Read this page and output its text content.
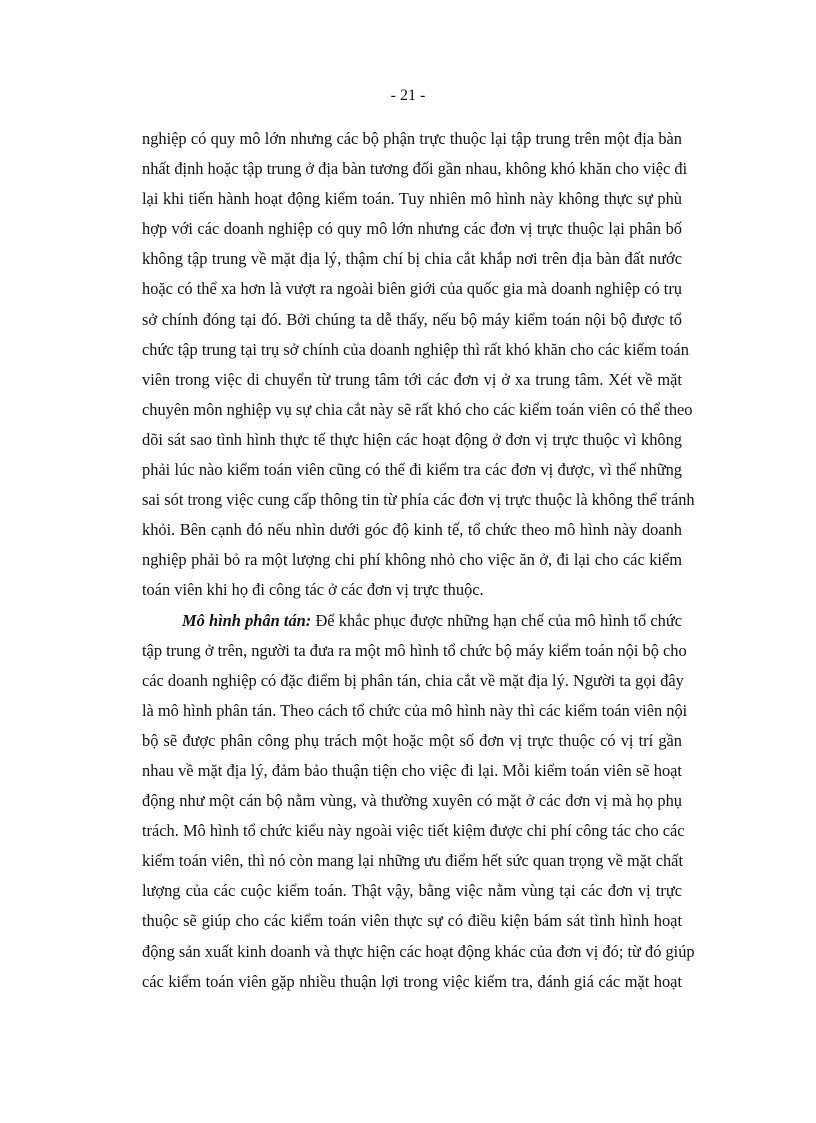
- 21 -
nghiệp có quy mô lớn nhưng các bộ phận trực thuộc lại tập trung trên một địa bàn
nhất định hoặc tập trung ở địa bàn tương đối gần nhau, không khó khăn cho việc đi
lại khi tiến hành hoạt động kiểm toán. Tuy nhiên mô hình này không thực sự phù
hợp với các doanh nghiệp có quy mô lớn nhưng các đơn vị trực thuộc lại phân bố
không tập trung về mặt địa lý, thậm chí bị chia cắt khắp nơi trên địa bàn đất nước
hoặc có thể xa hơn là vượt ra ngoài biên giới của quốc gia mà doanh nghiệp có trụ
sở chính đóng tại đó. Bởi chúng ta dễ thấy, nếu bộ máy kiểm toán nội bộ được tổ
chức tập trung tại trụ sở chính của doanh nghiệp thì rất khó khăn cho các kiểm toán
viên trong việc di chuyển từ trung tâm tới các đơn vị ở xa trung tâm. Xét về mặt
chuyên môn nghiệp vụ sự chia cắt này sẽ rất khó cho các kiểm toán viên có thể theo
dõi sát sao tình hình thực tế thực hiện các hoạt động ở đơn vị trực thuộc vì không
phải lúc nào kiểm toán viên cũng có thể đi kiểm tra các đơn vị được, vì thế những
sai sót trong việc cung cấp thông tin từ phía các đơn vị trực thuộc là không thể tránh
khỏi. Bên cạnh đó nếu nhìn dưới góc độ kinh tế, tổ chức theo mô hình này doanh
nghiệp phải bỏ ra một lượng chi phí không nhỏ cho việc ăn ở, đi lại cho các kiểm
toán viên khi họ đi công tác ở các đơn vị trực thuộc.
Mô hình phân tán: Để khắc phục được những hạn chế của mô hình tổ chức
tập trung ở trên, người ta đưa ra một mô hình tổ chức bộ máy kiểm toán nội bộ cho
các doanh nghiệp có đặc điểm bị phân tán, chia cắt về mặt địa lý. Người ta gọi đây
là mô hình phân tán. Theo cách tổ chức của mô hình này thì các kiểm toán viên nội
bộ sẽ được phân công phụ trách một hoặc một số đơn vị trực thuộc có vị trí gần
nhau về mặt địa lý, đảm bảo thuận tiện cho việc đi lại. Mỗi kiểm toán viên sẽ hoạt
động như một cán bộ nằm vùng, và thường xuyên có mặt ở các đơn vị mà họ phụ
trách. Mô hình tổ chức kiểu này ngoài việc tiết kiệm được chi phí công tác cho các
kiểm toán viên, thì nó còn mang lại những ưu điểm hết sức quan trọng về mặt chất
lượng của các cuộc kiểm toán. Thật vậy, bằng việc nằm vùng tại các đơn vị trực
thuộc sẽ giúp cho các kiểm toán viên thực sự có điều kiện bám sát tình hình hoạt
động sản xuất kinh doanh và thực hiện các hoạt động khác của đơn vị đó; từ đó giúp
các kiểm toán viên gặp nhiều thuận lợi trong việc kiểm tra, đánh giá các mặt hoạt
